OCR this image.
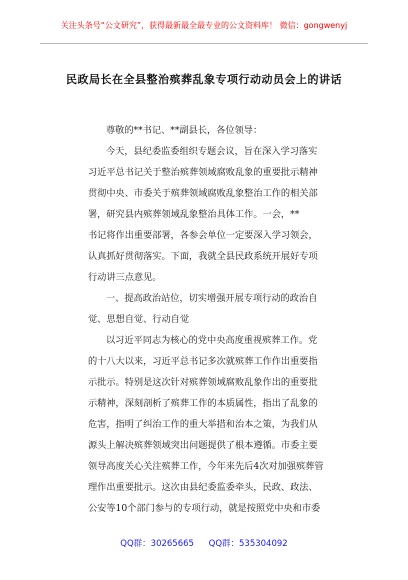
关注头条号“公文研究”，获得最新最全最专业的公文资料库！ 微信：gongwenyj
民政局长在全县整治殡葬乱象专项行动动员会上的讲话
尊敬的**书记、**副县长，各位领导：
今天，县纪委监委组织专题会议，旨在深入学习落实
习近平总书记关于整治殡葬领域腐败乱象的重要批示精神
贯彻中央、市委关于殡葬领域腐败乱象整治工作的相关部
署，研究县内殡葬领域乱象整治具体工作。一会，**
书记将作出重要部署，各参会单位一定要深入学习领会，
认真抓好贯彻落实。下面，我就全县民政系统开展好专项
行动讲三点意见。
一、提高政治站位，切实增强开展专项行动的政治自
觉、思想自觉、行动自觉
以习近平同志为核心的党中央高度重视殡葬工作。党
的十八大以来，习近平总书记多次就殡葬工作作出重要指
示批示。特别是这次针对殡葬领域腐败乱象作出的重要批
示精神，深刻剖析了殡葬工作的本质属性，指出了乱象的
危害，指明了纠治工作的重大举措和治本之策，为我们从
源头上解决殡葬领域突出问题提供了根本遵循。市委主要
领导高度关心关注殡葬工作，今年来先后4次对加强殡葬管
理作出重要批示。这次由县纪委监委牵头，民政、政法、
公安等10个部门参与的专项行动，就是按照党中央和市委
QQ群：30265665 QQ群：535304092
